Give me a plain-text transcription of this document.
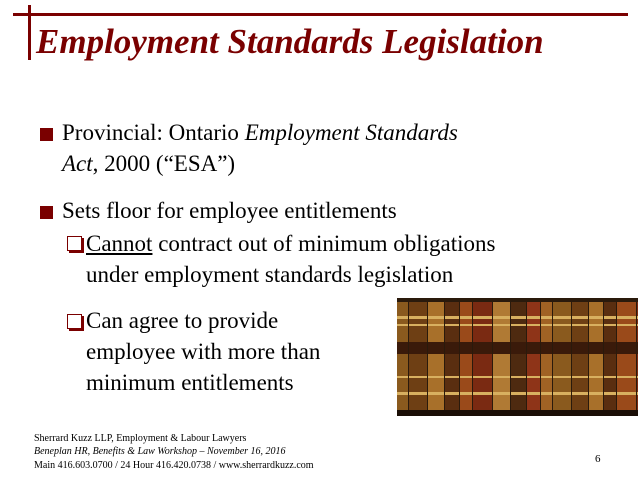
Employment Standards Legislation
Provincial: Ontario Employment Standards
Act, 2000 (“ESA”)
Sets floor for employee entitlements
Cannot contract out of minimum obligations
under employment standards legislation
Can agree to provide
employee with more than
minimum entitlements
Sherrard Kuzz LLP, Employment & Labour Lawyers
Beneplan HR, Benefits & Law Workshop – November 16, 2016
Main 416.603.0700 / 24 Hour 416.420.0738 / www.sherrardkuzz.com
6
